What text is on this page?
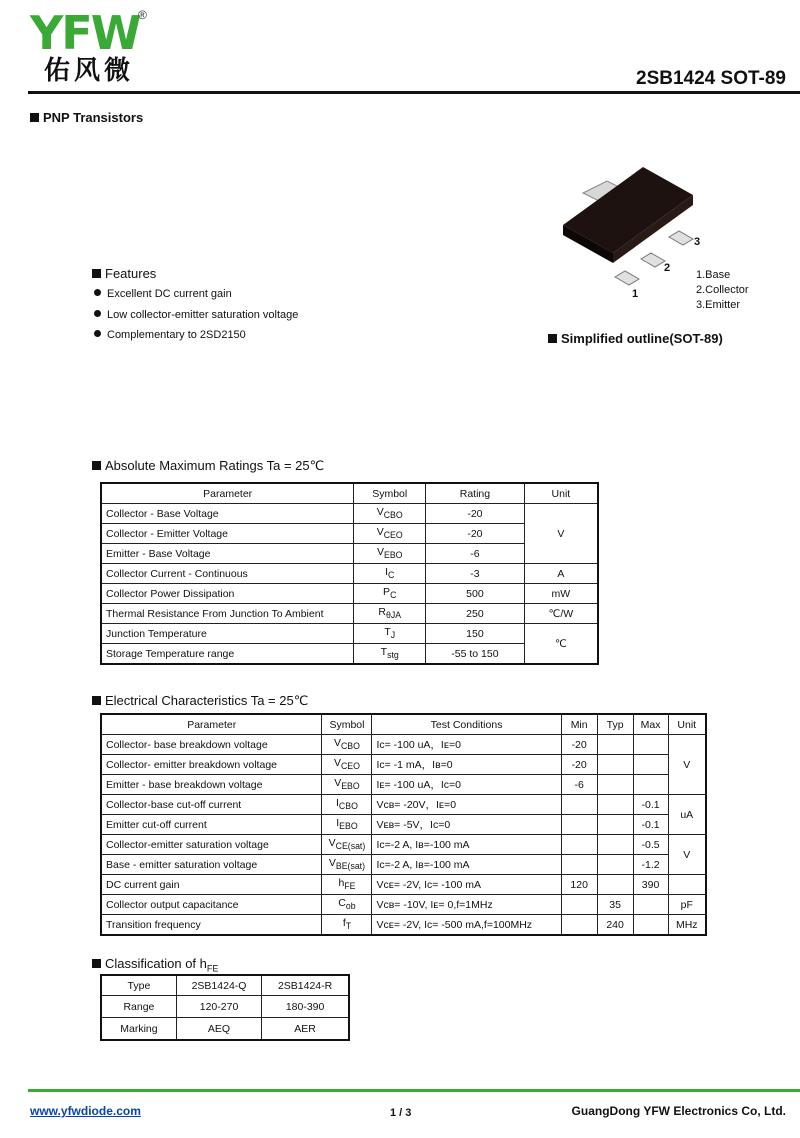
YFW
®
佑风微	2SB1424 SOT-89
PNP Transistors
Features
Excellent DC current gain
Low collector-emitter saturation voltage
Complementary to 2SD2150
1
2
3
1.Base
2.Collector
3.Emitter
Simplified outline(SOT-89)
Absolute Maximum Ratings Ta = 25℃
Parameter	Symbol	Rating	Unit
Collector - Base Voltage	$V_{CBO}$	-20	V
Collector - Emitter Voltage	$V_{CEO}$	-20	
Emitter - Base Voltage	$V_{EBO}$	-6	
Collector Current - Continuous	$I_C$	-3	A
Collector Power Dissipation	$P_C$	500	mW
Thermal Resistance From Junction To Ambient	$R_{\theta JA}$	250	℃/W
Junction Temperature	$T_J$	150	℃
Storage Temperature range	$T_{stg}$	-55 to 150	
Electrical Characteristics Ta = 25℃
Parameter	Symbol	Test Conditions	Min	Typ	Max	Unit
Collector- base breakdown voltage	$V_{CBO}$	Iᴄ= -100 uA，Iᴇ=0	-20			V
Collector- emitter breakdown voltage	$V_{CEO}$	Ic= -1 mA，Iʙ=0	-20			
Emitter - base breakdown voltage	$V_{EBO}$	Iᴇ= -100 uA，Ic=0	-6			
Collector-base cut-off current	$I_{CBO}$	Vᴄʙ= -20V，Iᴇ=0			-0.1	uA
Emitter cut-off current	$I_{EBO}$	Vᴇʙ= -5V，Ic=0			-0.1	
Collector-emitter saturation voltage	$V_{CE(sat)}$	Ic=-2 A, Iʙ=-100 mA			-0.5	V
Base - emitter saturation voltage	$V_{BE(sat)}$	Ic=-2 A, Iʙ=-100 mA			-1.2	
DC current gain	$h_{FE}$	Vᴄᴇ= -2V, Ic= -100 mA	120		390	
Collector output capacitance	$C_{ob}$	Vᴄʙ= -10V, Iᴇ= 0,f=1MHz		35		pF
Transition frequency	$f_T$	Vᴄᴇ= -2V, Ic= -500 mA,f=100MHz		240		MHz
Classification of $h_{FE}$
Type	2SB1424-Q	2SB1424-R
Range	120-270	180-390
Marking	AEQ	AER
www.yfwdiode.com	1 / 3	GuangDong YFW Electronics Co, Ltd.
